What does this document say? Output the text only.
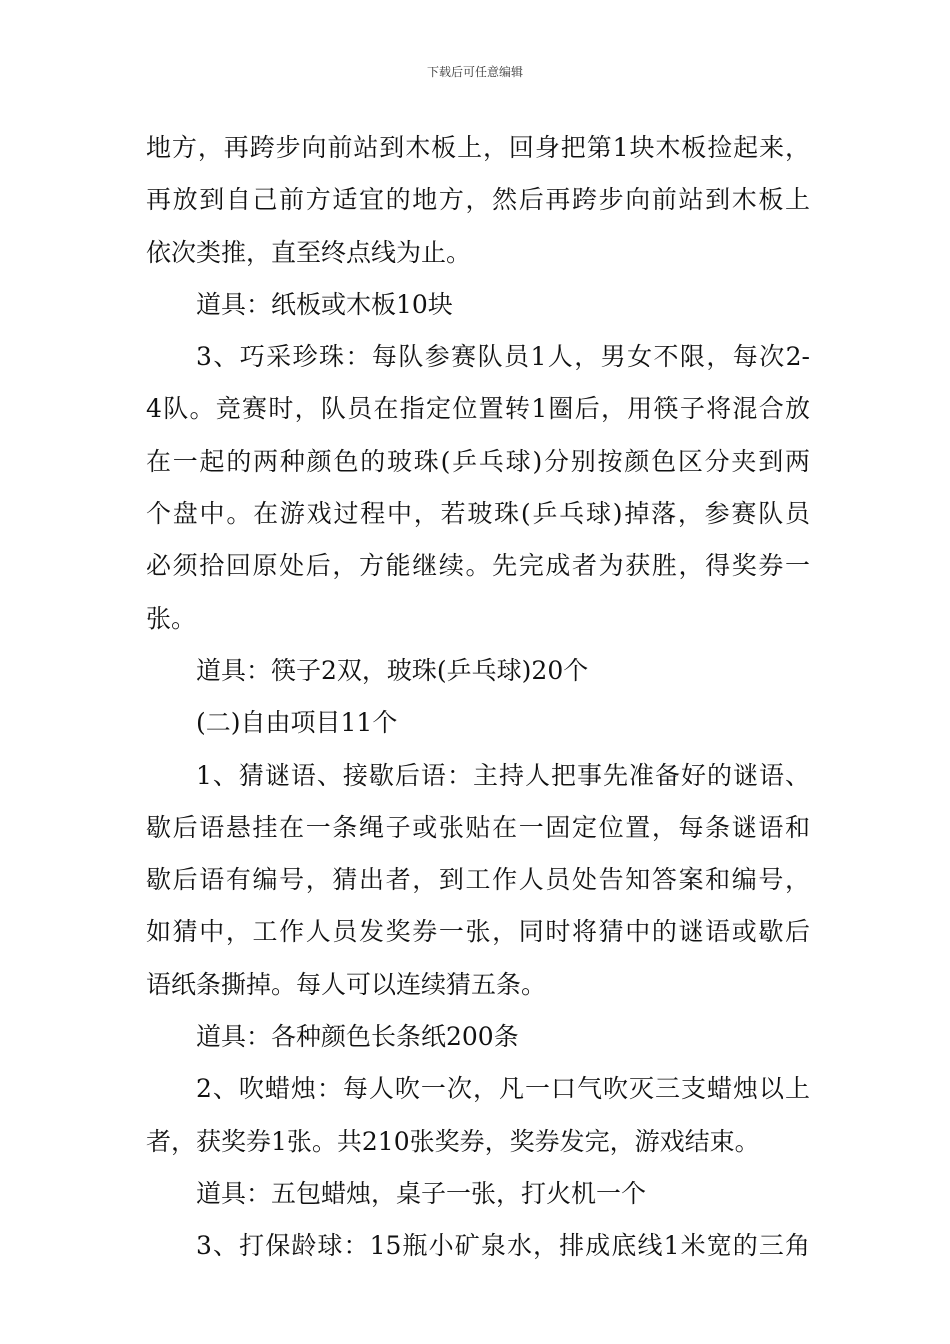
下载后可任意编辑
地方，再跨步向前站到木板上，回身把第1块木板捡起来，
再放到自己前方适宜的地方，然后再跨步向前站到木板上
依次类推，直至终点线为止。
道具：纸板或木板10块
3、巧采珍珠：每队参赛队员1人，男女不限，每次2-
4队。竞赛时，队员在指定位置转1圈后，用筷子将混合放
在一起的两种颜色的玻珠(乒乓球)分别按颜色区分夹到两
个盘中。在游戏过程中，若玻珠(乒乓球)掉落，参赛队员
必须拾回原处后，方能继续。先完成者为获胜，得奖券一
张。
道具：筷子2双，玻珠(乒乓球)20个
(二)自由项目11个
1、猜谜语、接歇后语：主持人把事先准备好的谜语、
歇后语悬挂在一条绳子或张贴在一固定位置，每条谜语和
歇后语有编号，猜出者，到工作人员处告知答案和编号，
如猜中，工作人员发奖券一张，同时将猜中的谜语或歇后
语纸条撕掉。每人可以连续猜五条。
道具：各种颜色长条纸200条
2、吹蜡烛：每人吹一次，凡一口气吹灭三支蜡烛以上
者，获奖券1张。共210张奖券，奖券发完，游戏结束。
道具：五包蜡烛，桌子一张，打火机一个
3、打保龄球：15瓶小矿泉水，排成底线1米宽的三角
